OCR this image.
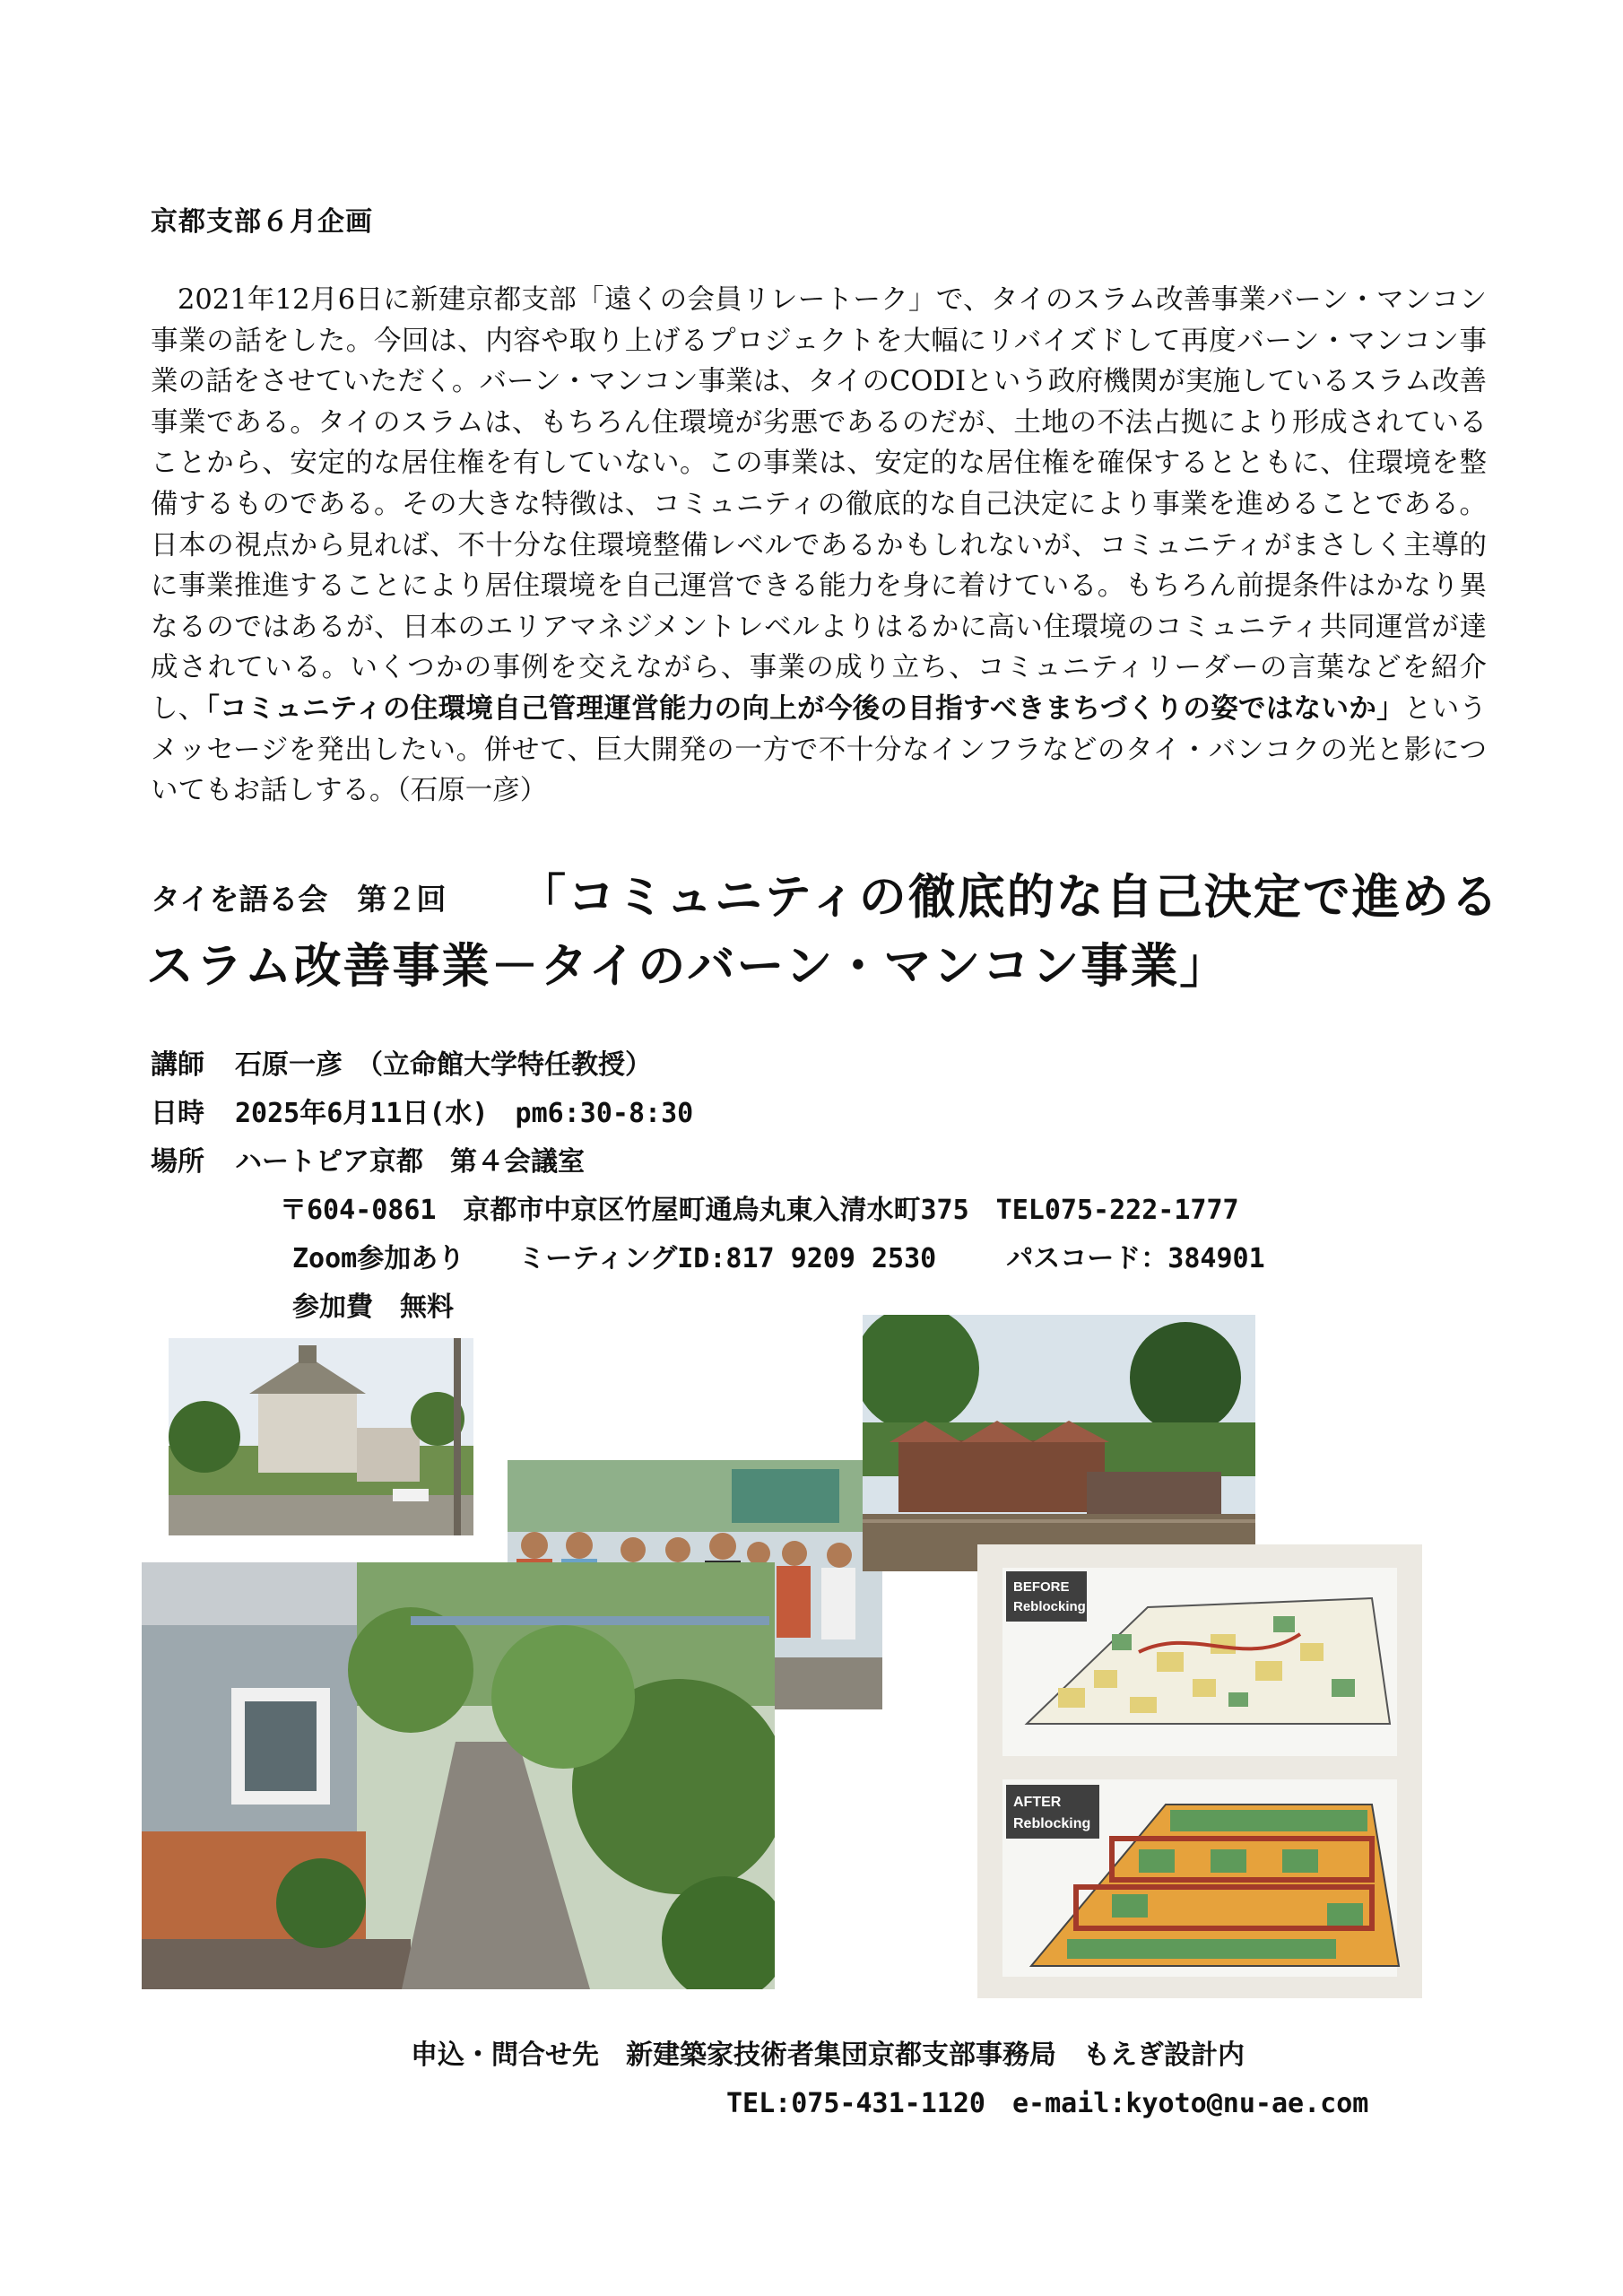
京都支部６月企画
2021年12月6日に新建京都支部「遠くの会員リレートーク」で、タイのスラム改善事業バーン・マンコン事業の話をした。今回は、内容や取り上げるプロジェクトを大幅にリバイズドして再度バーン・マンコン事業の話をさせていただく。バーン・マンコン事業は、タイのCODIという政府機関が実施しているスラム改善事業である。タイのスラムは、もちろん住環境が劣悪であるのだが、土地の不法占拠により形成されていることから、安定的な居住権を有していない。この事業は、安定的な居住権を確保するとともに、住環境を整備するものである。その大きな特徴は、コミュニティの徹底的な自己決定により事業を進めることである。日本の視点から見れば、不十分な住環境整備レベルであるかもしれないが、コミュニティがまさしく主導的に事業推進することにより居住環境を自己運営できる能力を身に着けている。もちろん前提条件はかなり異なるのではあるが、日本のエリアマネジメントレベルよりはるかに高い住環境のコミュニティ共同運営が達成されている。いくつかの事例を交えながら、事業の成り立ち、コミュニティリーダーの言葉などを紹介し、「コミュニティの住環境自己管理運営能力の向上が今後の目指すべきまちづくりの姿ではないか」というメッセージを発出したい。併せて、巨大開発の一方で不十分なインフラなどのタイ・バンコクの光と影についてもお話しする。（石原一彦）
タイを語る会　第２回 「コミュニティの徹底的な自己決定で進める
スラム改善事業－タイのバーン・マンコン事業」
講師 石原一彦　（立命館大学特任教授）
日時 2025年6月11日(水)　pm6:30-8:30
場所 ハートピア京都　第４会議室
〒604-0861　京都市中京区竹屋町通烏丸東入清水町375　TEL075-222-1777
Zoom参加あり　　ミーティングID:817 9209 2530　　 パスコード：384901
参加費　無料
BEFORE
Reblocking
AFTER
Reblocking
申込・問合せ先　新建築家技術者集団京都支部事務局　もえぎ設計内
TEL:075-431-1120　e-mail:kyoto@nu-ae.com
